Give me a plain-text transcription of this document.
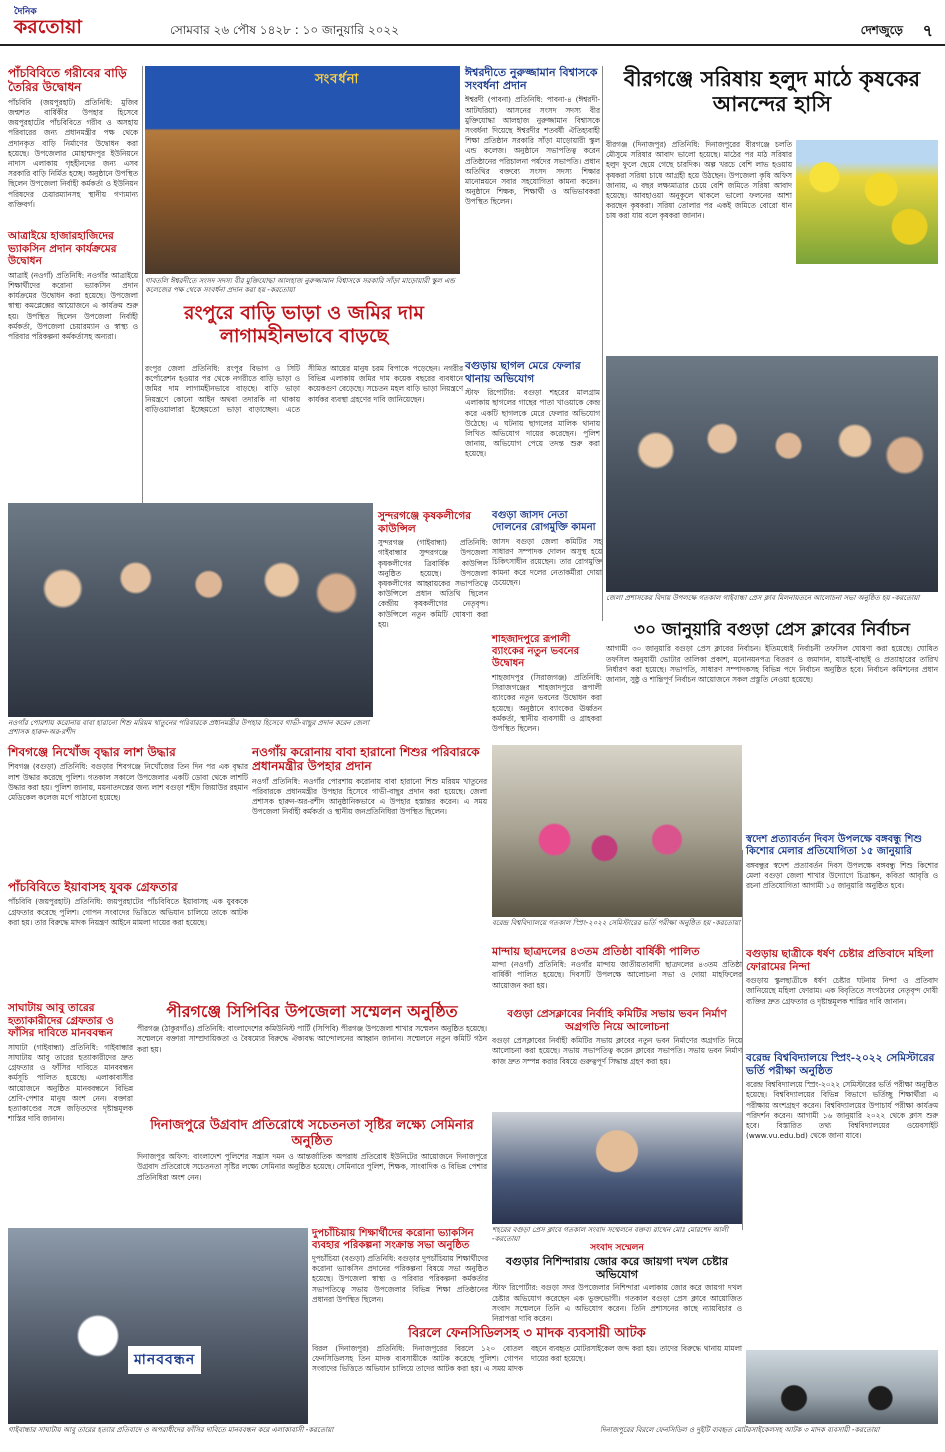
দৈনিক
করতোয়া	সোমবার ২৬ পৌষ ১৪২৮ : ১০ জানুয়ারি ২০২২	দেশজুড়ে ৭
পাঁচবিবিতে গরীবের বাড়ি তৈরির উদ্বোধন
পাঁচবিবি (জয়পুরহাট) প্রতিনিধি: মুজিব জন্মশত বার্ষিকীর উপহার হিসেবে জয়পুরহাটের পাঁচবিবিতে গরীব ও অসহায় পরিবারের জন্য প্রধানমন্ত্রীর পক্ষ থেকে প্রদানকৃত বাড়ি নির্মাণের উদ্বোধন করা হয়েছে। উপজেলার মোহাম্মদপুর ইউনিয়নে নাদাস এলাকায় গৃহহীনদের জন্য এসব সরকারি বাড়ি নির্মিত হচ্ছে। অনুষ্ঠানে উপস্থিত ছিলেন উপজেলা নির্বাহী কর্মকর্তা ও ইউনিয়ন পরিষদের চেয়ারম্যানসহ স্থানীয় গণ্যমান্য ব্যক্তিবর্গ।
সংবর্ধনা
গাবতলি ঈশ্বরদীতে সংসদ সদস্য বীর মুক্তিযোদ্ধা আলহাজ নুরুজ্জামান বিশ্বাসকে সরকারি সাঁড়া মাড়োয়ারী স্কুল এন্ড কলেজের পক্ষ থেকে সংবর্ধনা প্রদান করা হয় -করতোয়া
ঈশ্বরদীতে নুরুজ্জামান বিশ্বাসকে সংবর্ধনা প্রদান
ঈশ্বরদী (পাবনা) প্রতিনিধি: পাবনা-৪ (ঈশ্বরদী-আটঘরিয়া) আসনের সংসদ সদস্য বীর মুক্তিযোদ্ধা আলহাজ নুরুজ্জামান বিশ্বাসকে সংবর্ধনা দিয়েছে ঈশ্বরদীর শতবর্ষী ঐতিহ্যবাহী শিক্ষা প্রতিষ্ঠান সরকারি সাঁড়া মাড়োয়ারী স্কুল এন্ড কলেজ। অনুষ্ঠানে সভাপতিত্ব করেন প্রতিষ্ঠানের পরিচালনা পর্ষদের সভাপতি। প্রধান অতিথির বক্তব্যে সংসদ সদস্য শিক্ষার মানোন্নয়নে সবার সহযোগিতা কামনা করেন। অনুষ্ঠানে শিক্ষক, শিক্ষার্থী ও অভিভাবকরা উপস্থিত ছিলেন।
বীরগঞ্জে সরিষায় হলুদ মাঠে কৃষকের আনন্দের হাসি
বীরগঞ্জ (দিনাজপুর) প্রতিনিধি: দিনাজপুরের বীরগঞ্জে চলতি মৌসুমে সরিষার আবাদ ভালো হয়েছে। মাঠের পর মাঠ সরিষার হলুদ ফুলে ছেয়ে গেছে চারদিক। অল্প খরচে বেশি লাভ হওয়ায় কৃষকরা সরিষা চাষে আগ্রহী হয়ে উঠছেন। উপজেলা কৃষি অফিস জানায়, এ বছর লক্ষ্যমাত্রার চেয়ে বেশি জমিতে সরিষা আবাদ হয়েছে। আবহাওয়া অনুকূলে থাকলে ভালো ফলনের আশা করছেন কৃষকরা। সরিষা তোলার পর একই জমিতে বোরো ধান চাষ করা যায় বলে কৃষকরা জানান।
রংপুরে বাড়ি ভাড়া ও জমির দাম লাগামহীনভাবে বাড়ছে
রংপুর জেলা প্রতিনিধি: রংপুর বিভাগ ও সিটি কর্পোরেশন হওয়ার পর থেকে নগরীতে বাড়ি ভাড়া ও জমির দাম লাগামহীনভাবে বাড়ছে। বাড়ি ভাড়া নিয়ন্ত্রণে কোনো আইন অথবা তদারকি না থাকায় বাড়িওয়ালারা ইচ্ছেমতো ভাড়া বাড়াচ্ছেন। এতে সীমিত আয়ের মানুষ চরম বিপাকে পড়েছেন। নগরীর বিভিন্ন এলাকায় জমির দাম কয়েক বছরের ব্যবধানে কয়েকগুণ বেড়েছে। সচেতন মহল বাড়ি ভাড়া নিয়ন্ত্রণে কার্যকর ব্যবস্থা গ্রহণের দাবি জানিয়েছেন।
আত্রাইয়ে হাজারহাজিদের ভ্যাকসিন প্রদান কার্যক্রমের উদ্বোধন
আত্রাই (নওগাঁ) প্রতিনিধি: নওগাঁর আত্রাইয়ে শিক্ষার্থীদের করোনা ভ্যাকসিন প্রদান কার্যক্রমের উদ্বোধন করা হয়েছে। উপজেলা স্বাস্থ্য কমপ্লেক্সের আয়োজনে এ কার্যক্রম শুরু হয়। উপস্থিত ছিলেন উপজেলা নির্বাহী কর্মকর্তা, উপজেলা চেয়ারম্যান ও স্বাস্থ্য ও পরিবার পরিকল্পনা কর্মকর্তাসহ অন্যরা।
জেলা প্রশাসকের বিদায় উপলক্ষে গতকাল গাইবান্ধা প্রেস ক্লাব মিলনায়তনে আলোচনা সভা অনুষ্ঠিত হয় -করতোয়া
বগুড়ায় ছাগল মেরে ফেলার থানায় অভিযোগ
স্টাফ রিপোর্টার: বগুড়া শহরের মালগ্রাম এলাকায় ছাগলের গাছের পাতা খাওয়াকে কেন্দ্র করে একটি ছাগলকে মেরে ফেলার অভিযোগ উঠেছে। এ ঘটনায় ছাগলের মালিক থানায় লিখিত অভিযোগ দায়ের করেছেন। পুলিশ জানায়, অভিযোগ পেয়ে তদন্ত শুরু করা হয়েছে।
নওগাঁর পোরশায় করোনায় বাবা হারানো শিশু মরিয়ম খাতুনের পরিবারকে প্রধানমন্ত্রীর উপহার হিসেবে গাভী-বাছুর প্রদান করেন জেলা প্রশাসক হারুন-অর-রশীদ
সুন্দরগঞ্জে কৃষকলীগের কাউন্সিল
সুন্দরগঞ্জ (গাইবান্ধা) প্রতিনিধি: গাইবান্ধার সুন্দরগঞ্জে উপজেলা কৃষকলীগের ত্রিবার্ষিক কাউন্সিল অনুষ্ঠিত হয়েছে। উপজেলা কৃষকলীগের আহ্বায়কের সভাপতিত্বে কাউন্সিলে প্রধান অতিথি ছিলেন কেন্দ্রীয় কৃষকলীগের নেতৃবৃন্দ। কাউন্সিলে নতুন কমিটি ঘোষণা করা হয়।
বগুড়া জাসদ নেতা দোলনের রোগমুক্তি কামনা
জাসদ বগুড়া জেলা কমিটির সহ সাধারণ সম্পাদক দোলন অসুস্থ হয়ে চিকিৎসাধীন রয়েছেন। তার রোগমুক্তি কামনা করে দলের নেতাকর্মীরা দোয়া চেয়েছেন।
৩০ জানুয়ারি বগুড়া প্রেস ক্লাবের নির্বাচন
আগামী ৩০ জানুয়ারি বগুড়া প্রেস ক্লাবের নির্বাচন। ইতিমধ্যেই নির্বাচনী তফসিল ঘোষণা করা হয়েছে। ঘোষিত তফসিল অনুযায়ী ভোটার তালিকা প্রকাশ, মনোনয়নপত্র বিতরণ ও জমাদান, যাচাই-বাছাই ও প্রত্যাহারের তারিখ নির্ধারণ করা হয়েছে। সভাপতি, সাধারণ সম্পাদকসহ বিভিন্ন পদে নির্বাচন অনুষ্ঠিত হবে। নির্বাচন কমিশনের প্রধান জানান, সুষ্ঠু ও শান্তিপূর্ণ নির্বাচন আয়োজনে সকল প্রস্তুতি নেওয়া হয়েছে।
শাহজাদপুরে রূপালী ব্যাংকের নতুন ভবনের উদ্বোধন
শাহজাদপুর (সিরাজগঞ্জ) প্রতিনিধি: সিরাজগঞ্জের শাহজাদপুরে রূপালী ব্যাংকের নতুন ভবনের উদ্বোধন করা হয়েছে। অনুষ্ঠানে ব্যাংকের ঊর্ধ্বতন কর্মকর্তা, স্থানীয় ব্যবসায়ী ও গ্রাহকরা উপস্থিত ছিলেন।
শিবগঞ্জে নিখোঁজ বৃদ্ধার লাশ উদ্ধার
শিবগঞ্জ (বগুড়া) প্রতিনিধি: বগুড়ার শিবগঞ্জে নিখোঁজের তিন দিন পর এক বৃদ্ধার লাশ উদ্ধার করেছে পুলিশ। গতকাল সকালে উপজেলার একটি ডোবা থেকে লাশটি উদ্ধার করা হয়। পুলিশ জানায়, ময়নাতদন্তের জন্য লাশ বগুড়া শহীদ জিয়াউর রহমান মেডিকেল কলেজ মর্গে পাঠানো হয়েছে।
নওগাঁয় করোনায় বাবা হারানো শিশুর পরিবারকে প্রধানমন্ত্রীর উপহার প্রদান
নওগাঁ প্রতিনিধি: নওগাঁর পোরশায় করোনায় বাবা হারানো শিশু মরিয়ম খাতুনের পরিবারকে প্রধানমন্ত্রীর উপহার হিসেবে গাভী-বাছুর প্রদান করা হয়েছে। জেলা প্রশাসক হারুন-অর-রশীদ আনুষ্ঠানিকভাবে এ উপহার হস্তান্তর করেন। এ সময় উপজেলা নির্বাহী কর্মকর্তা ও স্থানীয় জনপ্রতিনিধিরা উপস্থিত ছিলেন।
বরেন্দ্র বিশ্ববিদ্যালয়ে গতকাল স্প্রিং-২০২২ সেমিস্টারের ভর্তি পরীক্ষা অনুষ্ঠিত হয় -করতোয়া
স্বদেশ প্রত্যাবর্তন দিবস উপলক্ষে বঙ্গবন্ধু শিশু কিশোর মেলার প্রতিযোগিতা ১৫ জানুয়ারি
বঙ্গবন্ধুর স্বদেশ প্রত্যাবর্তন দিবস উপলক্ষে বঙ্গবন্ধু শিশু কিশোর মেলা বগুড়া জেলা শাখার উদ্যোগে চিত্রাঙ্কন, কবিতা আবৃত্তি ও রচনা প্রতিযোগিতা আগামী ১৫ জানুয়ারি অনুষ্ঠিত হবে।
পাঁচবিবিতে ইয়াবাসহ যুবক গ্রেফতার
পাঁচবিবি (জয়পুরহাট) প্রতিনিধি: জয়পুরহাটের পাঁচবিবিতে ইয়াবাসহ এক যুবককে গ্রেফতার করেছে পুলিশ। গোপন সংবাদের ভিত্তিতে অভিযান চালিয়ে তাকে আটক করা হয়। তার বিরুদ্ধে মাদক নিয়ন্ত্রণ আইনে মামলা দায়ের করা হয়েছে।
বগুড়ায় ছাত্রীকে ধর্ষণ চেষ্টার প্রতিবাদে মহিলা ফোরামের নিন্দা
বগুড়ায় স্কুলছাত্রীকে ধর্ষণ চেষ্টার ঘটনায় নিন্দা ও প্রতিবাদ জানিয়েছে মহিলা ফোরাম। এক বিবৃতিতে সংগঠনের নেতৃবৃন্দ দোষী ব্যক্তির দ্রুত গ্রেফতার ও দৃষ্টান্তমূলক শাস্তির দাবি জানান।
মান্দায় ছাত্রদলের ৪৩তম প্রতিষ্ঠা বার্ষিকী পালিত
মান্দা (নওগাঁ) প্রতিনিধি: নওগাঁর মান্দায় জাতীয়তাবাদী ছাত্রদলের ৪৩তম প্রতিষ্ঠা বার্ষিকী পালিত হয়েছে। দিবসটি উপলক্ষে আলোচনা সভা ও দোয়া মাহফিলের আয়োজন করা হয়।
সাঘাটায় আবু তারের হত্যাকারীদের গ্রেফতার ও ফাঁসির দাবিতে মানববন্ধন
সাঘাটা (গাইবান্ধা) প্রতিনিধি: গাইবান্ধার সাঘাটায় আবু তারের হত্যাকারীদের দ্রুত গ্রেফতার ও ফাঁসির দাবিতে মানববন্ধন কর্মসূচি পালিত হয়েছে। এলাকাবাসীর আয়োজনে অনুষ্ঠিত মানববন্ধনে বিভিন্ন শ্রেণি-পেশার মানুষ অংশ নেন। বক্তারা হত্যাকাণ্ডের সঙ্গে জড়িতদের দৃষ্টান্তমূলক শাস্তির দাবি জানান।
পীরগঞ্জে সিপিবির উপজেলা সম্মেলন অনুষ্ঠিত
পীরগঞ্জ (ঠাকুরগাঁও) প্রতিনিধি: বাংলাদেশের কমিউনিস্ট পার্টি (সিপিবি) পীরগঞ্জ উপজেলা শাখার সম্মেলন অনুষ্ঠিত হয়েছে। সম্মেলনে বক্তারা সাম্প্রদায়িকতা ও বৈষম্যের বিরুদ্ধে ঐক্যবদ্ধ আন্দোলনের আহ্বান জানান। সম্মেলনে নতুন কমিটি গঠন করা হয়।
বগুড়া প্রেসক্লাবের নির্বাহি কমিটির সভায় ভবন নির্মাণ অগ্রগতি নিয়ে আলোচনা
বগুড়া প্রেসক্লাবের নির্বাহী কমিটির সভায় ক্লাবের নতুন ভবন নির্মাণের অগ্রগতি নিয়ে আলোচনা করা হয়েছে। সভায় সভাপতিত্ব করেন ক্লাবের সভাপতি। সভায় ভবন নির্মাণ কাজ দ্রুত সম্পন্ন করার বিষয়ে গুরুত্বপূর্ণ সিদ্ধান্ত গ্রহণ করা হয়।	বরেন্দ্র বিশ্ববিদ্যালয়ে স্প্রিং-২০২২ সেমিস্টারের ভর্তি পরীক্ষা অনুষ্ঠিত
বরেন্দ্র বিশ্ববিদ্যালয়ে স্প্রিং-২০২২ সেমিস্টারের ভর্তি পরীক্ষা অনুষ্ঠিত হয়েছে। বিশ্ববিদ্যালয়ের বিভিন্ন বিভাগে ভর্তিচ্ছু শিক্ষার্থীরা এ পরীক্ষায় অংশগ্রহণ করেন। বিশ্ববিদ্যালয়ের উপাচার্য পরীক্ষা কার্যক্রম পরিদর্শন করেন। আগামী ১৬ জানুয়ারি ২০২২ থেকে ক্লাস শুরু হবে। বিস্তারিত তথ্য বিশ্ববিদ্যালয়ের ওয়েবসাইট (www.vu.edu.bd) থেকে জানা যাবে।
দিনাজপুরে উগ্রবাদ প্রতিরোধে সচেতনতা সৃষ্টির লক্ষ্যে সেমিনার অনুষ্ঠিত
দিনাজপুর অফিস: বাংলাদেশ পুলিশের সন্ত্রাস দমন ও আন্তর্জাতিক অপরাধ প্রতিরোধ ইউনিটের আয়োজনে দিনাজপুরে উগ্রবাদ প্রতিরোধে সচেতনতা সৃষ্টির লক্ষ্যে সেমিনার অনুষ্ঠিত হয়েছে। সেমিনারে পুলিশ, শিক্ষক, সাংবাদিক ও বিভিন্ন পেশার প্রতিনিধিরা অংশ নেন।
শহরের বগুড়া প্রেস ক্লাবে গতকাল সংবাদ সম্মেলনে বক্তব্য রাখেন মোঃ মোরশেদ আলী -করতোয়া
সংবাদ সম্মেলন
বগুড়ার নিশিন্দারায় জোর করে জায়গা দখল চেষ্টার অভিযোগ
স্টাফ রিপোর্টার: বগুড়া সদর উপজেলার নিশিন্দারা এলাকায় জোর করে জায়গা দখল চেষ্টার অভিযোগ করেছেন এক ভুক্তভোগী। গতকাল বগুড়া প্রেস ক্লাবে আয়োজিত সংবাদ সম্মেলনে তিনি এ অভিযোগ করেন। তিনি প্রশাসনের কাছে ন্যায়বিচার ও নিরাপত্তা দাবি করেন।
মানববন্ধন
গাইবান্ধার সাঘাটায় আবু তারের হত্যার প্রতিবাদে ও অপরাধীদের ফাঁসির দাবিতে মানববন্ধন করে এলাকাবাসী -করতোয়া
দুপচাঁচিয়ায় শিক্ষার্থীদের করোনা ভ্যাকসিন ব্যবহার পরিকল্পনা সংক্রান্ত সভা অনুষ্ঠিত
দুপচাঁচিয়া (বগুড়া) প্রতিনিধি: বগুড়ার দুপচাঁচিয়ায় শিক্ষার্থীদের করোনা ভ্যাকসিন প্রদানের পরিকল্পনা বিষয়ে সভা অনুষ্ঠিত হয়েছে। উপজেলা স্বাস্থ্য ও পরিবার পরিকল্পনা কর্মকর্তার সভাপতিত্বে সভায় উপজেলার বিভিন্ন শিক্ষা প্রতিষ্ঠানের প্রধানরা উপস্থিত ছিলেন।
বিরলে ফেনসিডিলসহ ৩ মাদক ব্যবসায়ী আটক
বিরল (দিনাজপুর) প্রতিনিধি: দিনাজপুরের বিরলে ১২০ বোতল ফেনসিডিলসহ তিন মাদক ব্যবসায়ীকে আটক করেছে পুলিশ। গোপন সংবাদের ভিত্তিতে অভিযান চালিয়ে তাদের আটক করা হয়। এ সময় মাদক বহনে ব্যবহৃত মোটরসাইকেল জব্দ করা হয়। তাদের বিরুদ্ধে থানায় মামলা দায়ের করা হয়েছে।
দিনাজপুরের বিরলে ফেনসিডিল ও দুইটি ব্যবহৃত মোটরসাইকেলসহ আটক ৩ মাদক ব্যবসায়ী -করতোয়া
